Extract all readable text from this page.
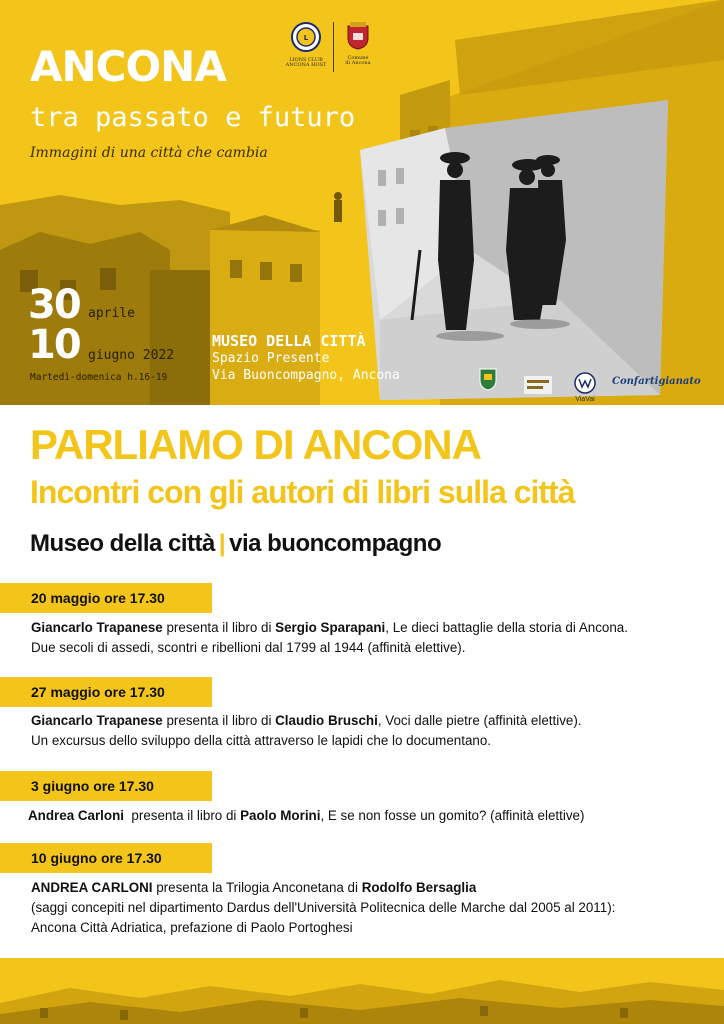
ANCONA
tra passato e futuro
Immagini di una città che cambia
L
LIONS CLUB ANCONA HOST
Comune
di Ancona
30 aprile
10 giugno 2022
Martedì-domenica h.16-19
MUSEO DELLA CITTÀ
Spazio Presente
Via Buoncompagno, Ancona
ViaVai
Confartigianato
PARLIAMO DI ANCONA
Incontri con gli autori di libri sulla città
Museo della città | via buoncompagno
20 maggio ore 17.30
Giancarlo Trapanese presenta il libro di Sergio Sparapani, Le dieci battaglie della storia di Ancona.
Due secoli di assedi, scontri e ribellioni dal 1799 al 1944 (affinità elettive).
27 maggio ore 17.30
Giancarlo Trapanese presenta il libro di Claudio Bruschi, Voci dalle pietre (affinità elettive).
Un excursus dello sviluppo della città attraverso le lapidi che lo documentano.
3 giugno ore 17.30
Andrea Carloni  presenta il libro di Paolo Morini, E se non fosse un gomito? (affinità elettive)
10 giugno ore 17.30
ANDREA CARLONI presenta la Trilogia Anconetana di Rodolfo Bersaglia
(saggi concepiti nel dipartimento Dardus dell'Università Politecnica delle Marche dal 2005 al 2011):
Ancona Città Adriatica, prefazione di Paolo Portoghesi
